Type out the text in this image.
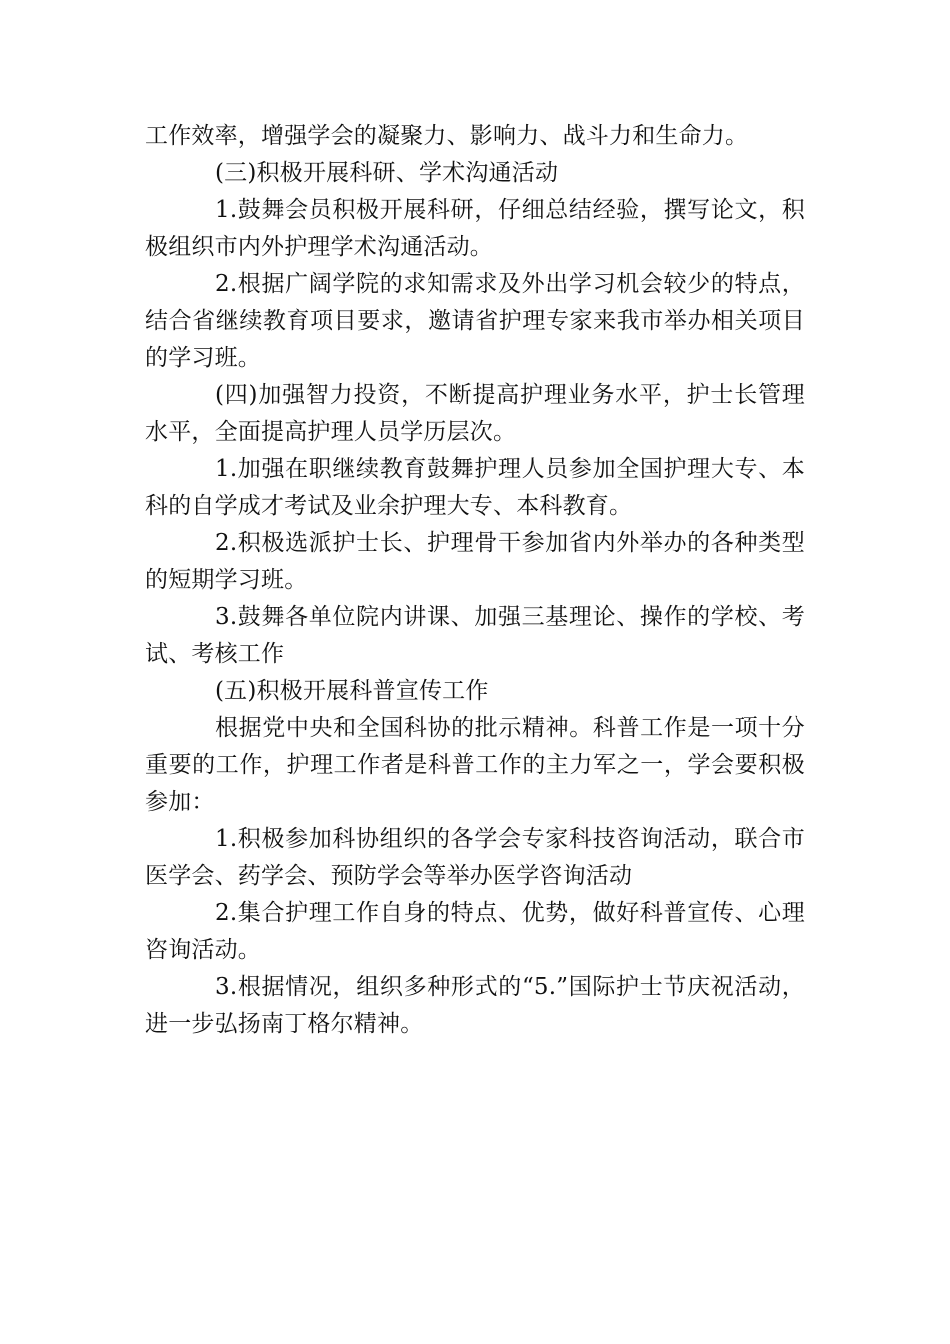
工作效率，增强学会的凝聚力、影响力、战斗力和生命力。

(三)积极开展科研、学术沟通活动

1.鼓舞会员积极开展科研，仔细总结经验，撰写论文，积极组织市内外护理学术沟通活动。

2.根据广阔学院的求知需求及外出学习机会较少的特点，结合省继续教育项目要求，邀请省护理专家来我市举办相关项目的学习班。

(四)加强智力投资，不断提高护理业务水平，护士长管理水平，全面提高护理人员学历层次。

1.加强在职继续教育鼓舞护理人员参加全国护理大专、本科的自学成才考试及业余护理大专、本科教育。

2.积极选派护士长、护理骨干参加省内外举办的各种类型的短期学习班。

3.鼓舞各单位院内讲课、加强三基理论、操作的学校、考试、考核工作

(五)积极开展科普宣传工作

根据党中央和全国科协的批示精神。科普工作是一项十分重要的工作，护理工作者是科普工作的主力军之一，学会要积极参加：

1.积极参加科协组织的各学会专家科技咨询活动，联合市医学会、药学会、预防学会等举办医学咨询活动

2.集合护理工作自身的特点、优势，做好科普宣传、心理咨询活动。

3.根据情况，组织多种形式的“5.”国际护士节庆祝活动，进一步弘扬南丁格尔精神。
